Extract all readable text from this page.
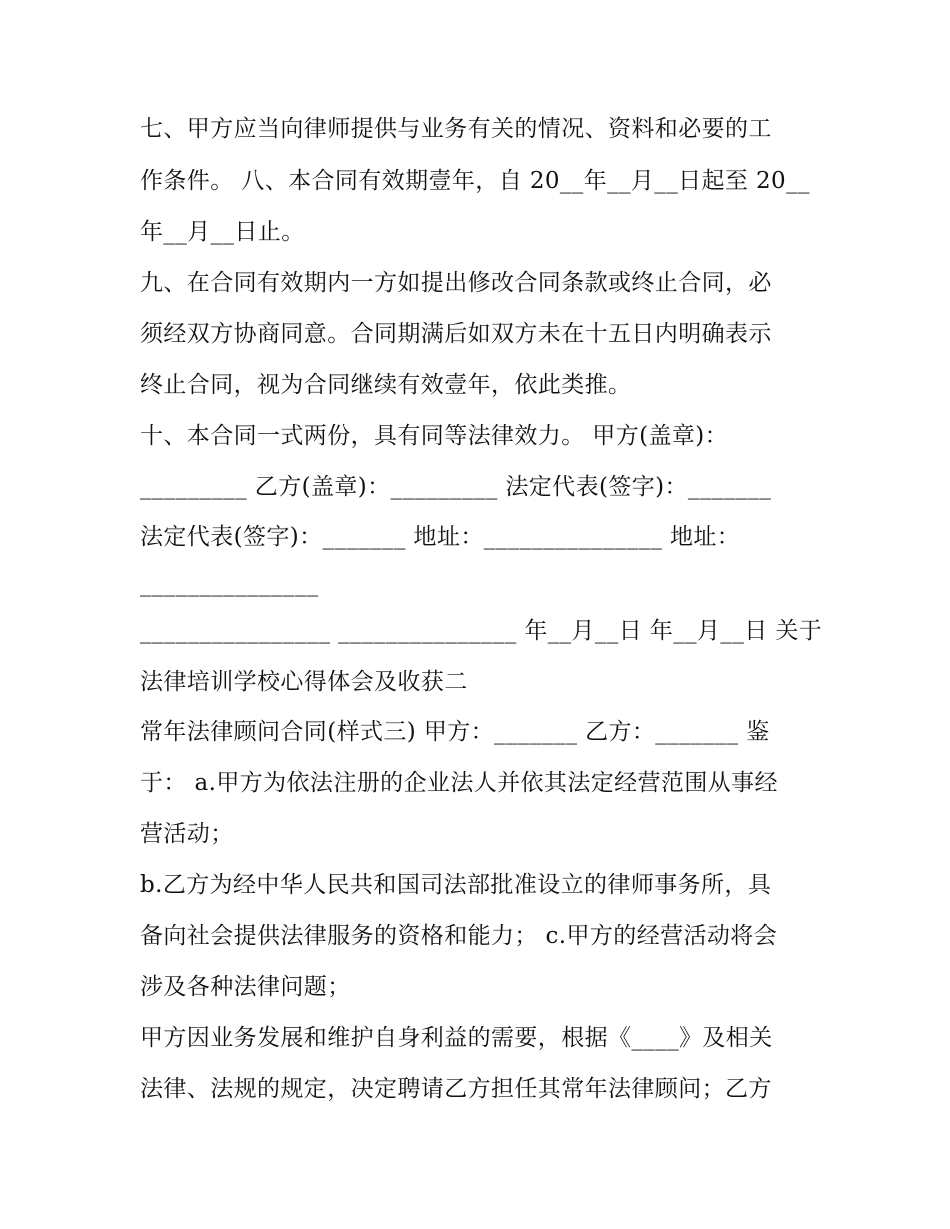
七、甲方应当向律师提供与业务有关的情况、资料和必要的工

作条件。 八、本合同有效期壹年，自 20__年__月__日起至 20__

年__月__日止。

九、在合同有效期内一方如提出修改合同条款或终止合同，必

须经双方协商同意。合同期满后如双方未在十五日内明确表示

终止合同，视为合同继续有效壹年，依此类推。

十、本合同一式两份，具有同等法律效力。 甲方(盖章)：

_________ 乙方(盖章)：_________ 法定代表(签字)：_______

法定代表(签字)：_______ 地址：_______________ 地址：

_______________

________________ _______________ 年__月__日 年__月__日 关于

法律培训学校心得体会及收获二

常年法律顾问合同(样式三) 甲方：_______ 乙方：_______ 鉴

于： a.甲方为依法注册的企业法人并依其法定经营范围从事经

营活动；

b.乙方为经中华人民共和国司法部批准设立的律师事务所，具

备向社会提供法律服务的资格和能力； c.甲方的经营活动将会

涉及各种法律问题；

甲方因业务发展和维护自身利益的需要，根据《____》及相关

法律、法规的规定，决定聘请乙方担任其常年法律顾问；乙方
